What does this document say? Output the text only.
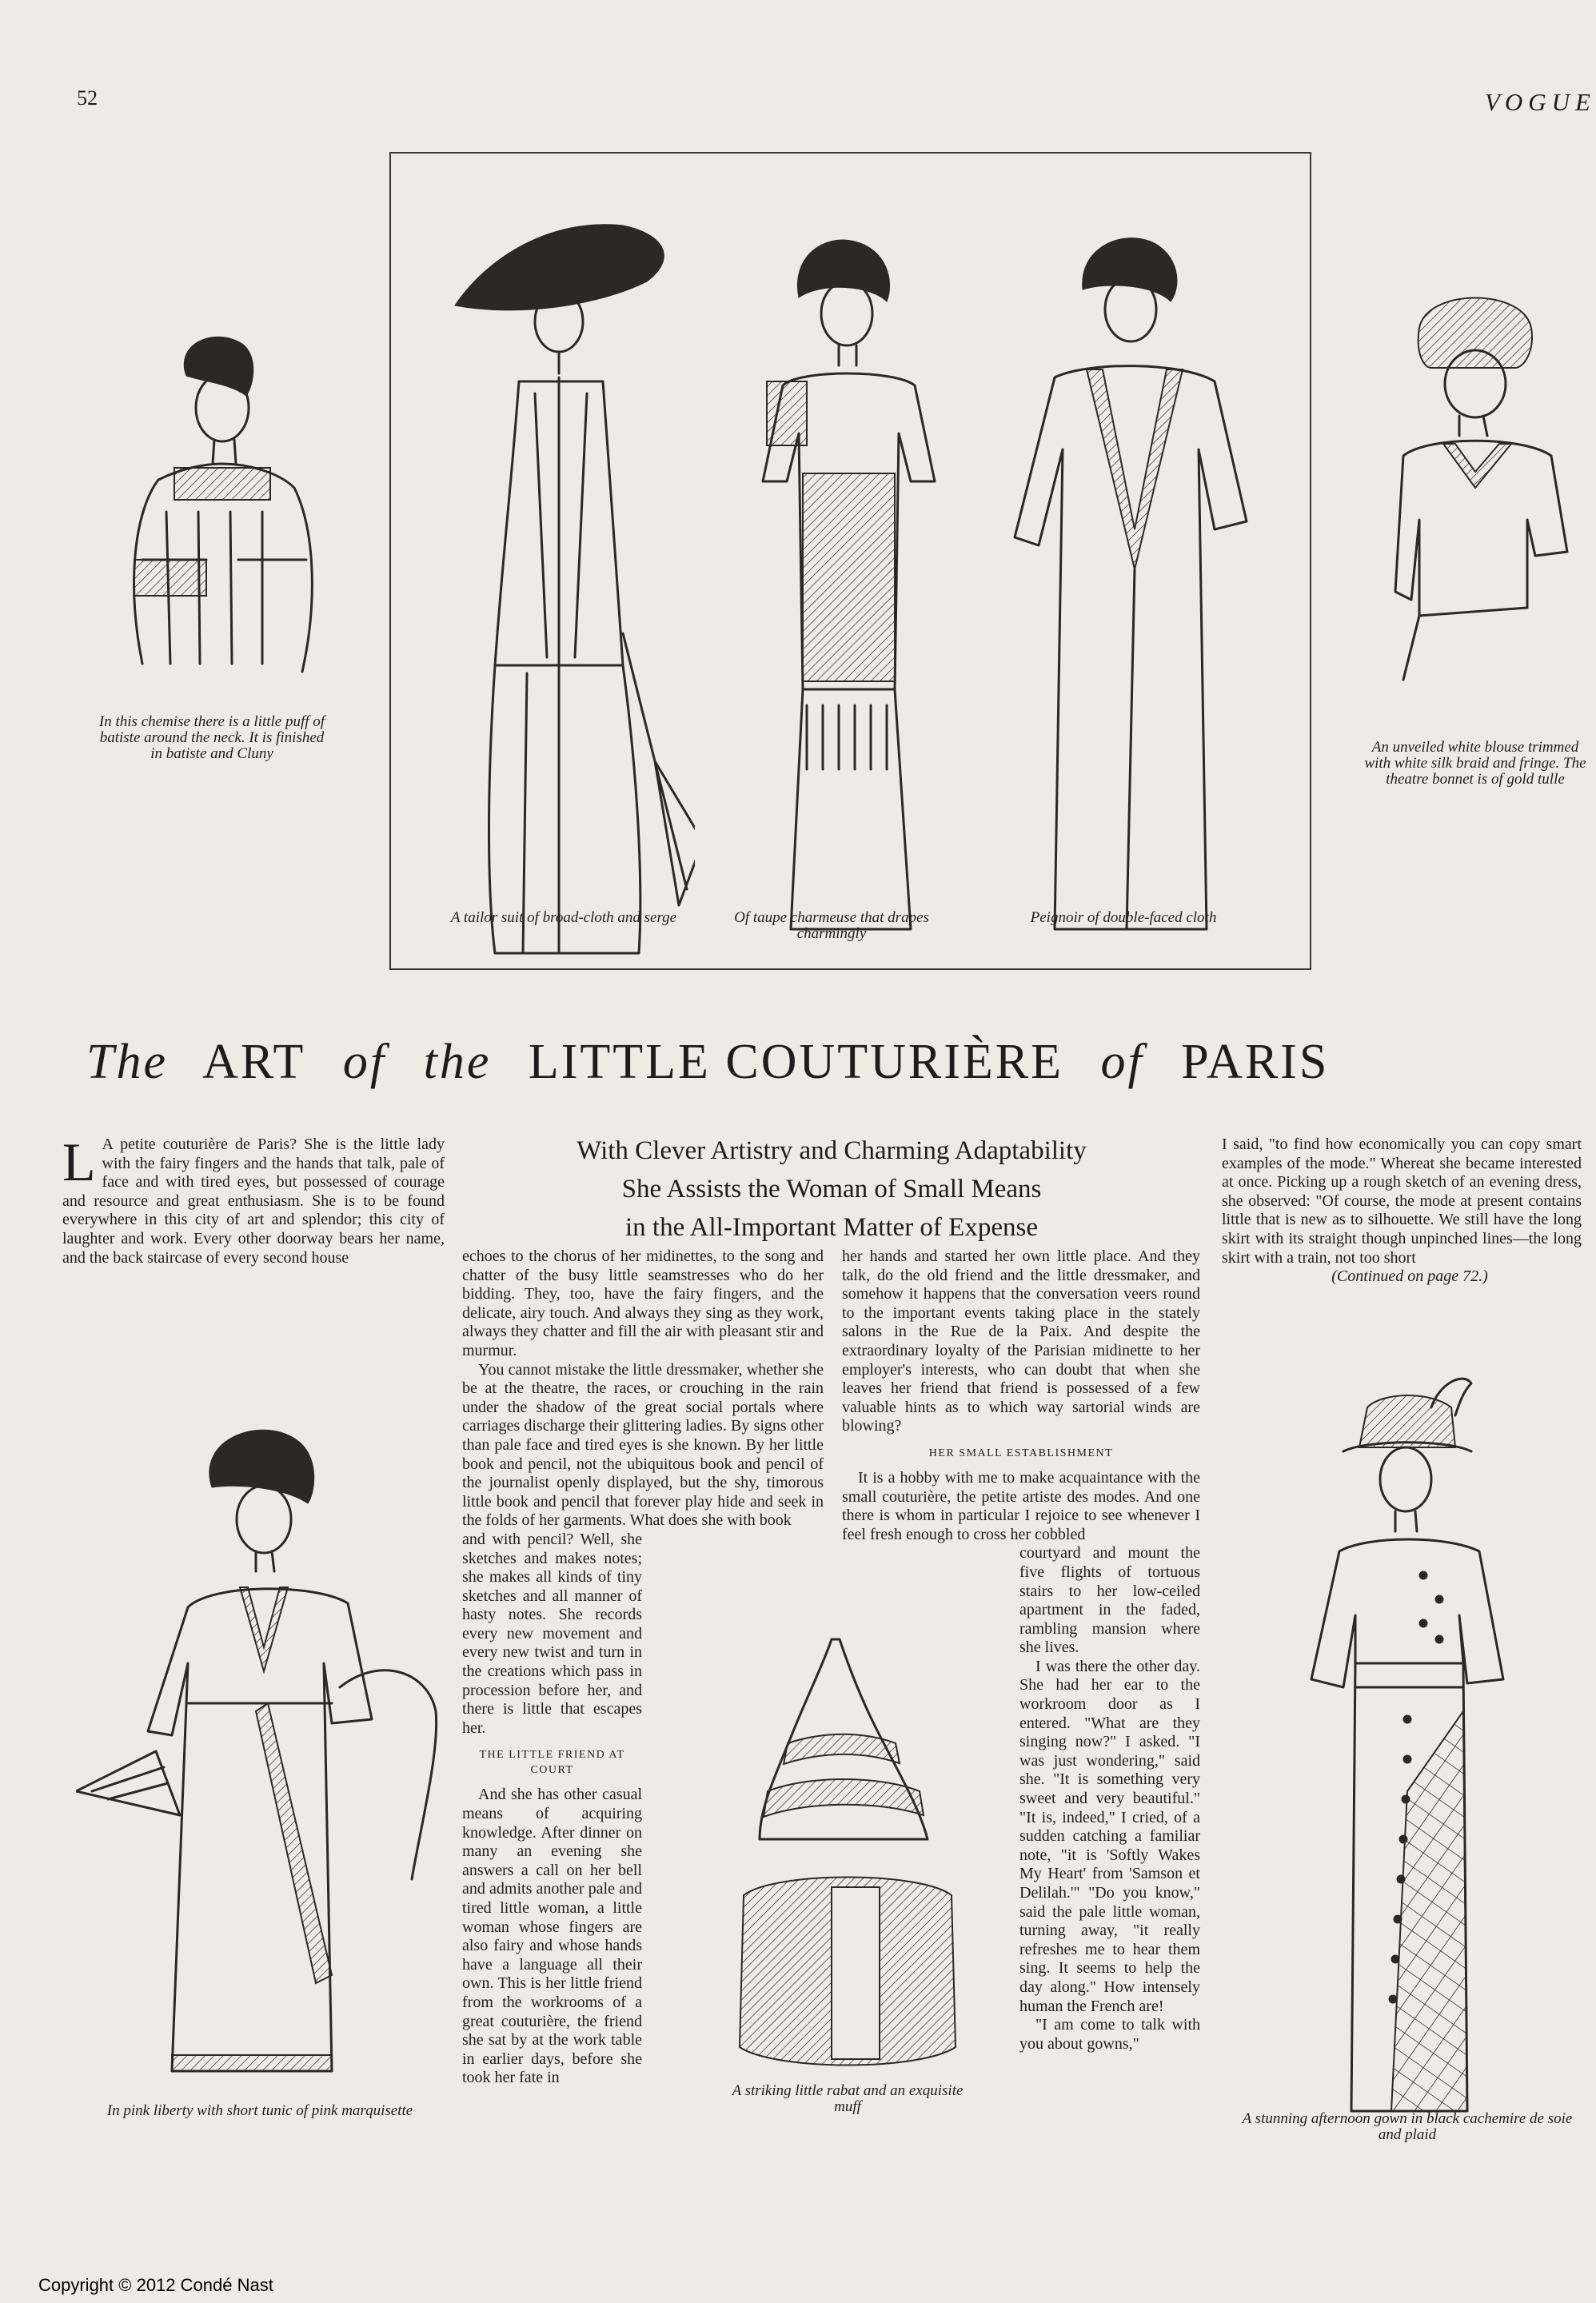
52	VOGUE
In this chemise there is a little puff of batiste around the neck. It is finished in batiste and Cluny
A tailor suit of broad-cloth and serge	Of taupe charmeuse that drapes charmingly
Peignoir of double-faced cloth
An unveiled white blouse trimmed with white silk braid and fringe. The theatre bonnet is of gold tulle
The ART of the LITTLE COUTURIÈRE of PARIS
With Clever Artistry and Charming Adaptability
She Assists the Woman of Small Means
in the All-Important Matter of Expense

L A petite couturière de Paris? She is the little lady with the fairy fingers and the hands that talk, pale of face and with tired eyes, but possessed of courage and resource and great enthusiasm. She is to be found everywhere in this city of art and splendor; this city of laughter and work. Every other doorway bears her name, and the back staircase of every second house

In pink liberty with short tunic of pink marquisette

echoes to the chorus of her midinettes, to the song and chatter of the busy little seamstresses who do her bidding. They, too, have the fairy fingers, and the delicate, airy touch. And always they sing as they work, always they chatter and fill the air with pleasant stir and murmur.

You cannot mistake the little dressmaker, whether she be at the theatre, the races, or crouching in the rain under the shadow of the great social portals where carriages discharge their glittering ladies. By signs other than pale face and tired eyes is she known. By her little book and pencil, not the ubiquitous book and pencil of the journalist openly displayed, but the shy, timorous little book and pencil that forever play hide and seek in the folds of her garments. What does she with book

and with pencil? Well, she sketches and makes notes; she makes all kinds of tiny sketches and all manner of hasty notes. She records every new movement and every new twist and turn in the creations which pass in procession before her, and there is little that escapes her.

THE LITTLE FRIEND AT COURT

And she has other casual means of acquiring knowledge. After dinner on many an evening she answers a call on her bell and admits another pale and tired little woman, a little woman whose fingers are also fairy and whose hands have a language all their own. This is her little friend from the workrooms of a great couturière, the friend she sat by at the work table in earlier days, before she took her fate in

her hands and started her own little place. And they talk, do the old friend and the little dressmaker, and somehow it happens that the conversation veers round to the important events taking place in the stately salons in the Rue de la Paix. And despite the extraordinary loyalty of the Parisian midinette to her employer's interests, who can doubt that when she leaves her friend that friend is possessed of a few valuable hints as to which way sartorial winds are blowing?

HER SMALL ESTABLISHMENT

It is a hobby with me to make acquaintance with the small couturière, the petite artiste des modes. And one there is whom in particular I rejoice to see whenever I feel fresh enough to cross her cobbled

courtyard and mount the five flights of tortuous stairs to her low-ceiled apartment in the faded, rambling mansion where she lives.

I was there the other day. She had her ear to the workroom door as I entered. "What are they singing now?" I asked. "I was just wondering," said she. "It is something very sweet and very beautiful." "It is, indeed," I cried, of a sudden catching a familiar note, "it is 'Softly Wakes My Heart' from 'Samson et Delilah.'" "Do you know," said the pale little woman, turning away, "it really refreshes me to hear them sing. It seems to help the day along." How intensely human the French are!

"I am come to talk with you about gowns,"

A striking little rabat and an exquisite muff

I said, "to find how economically you can copy smart examples of the mode." Whereat she became interested at once. Picking up a rough sketch of an evening dress, she observed: "Of course, the mode at present contains little that is new as to silhouette. We still have the long skirt with its straight though unpinched lines—the long skirt with a train, not too short

(Continued on page 72.)

A stunning afternoon gown in black cachemire de soie and plaid
Copyright © 2012 Condé Nast
